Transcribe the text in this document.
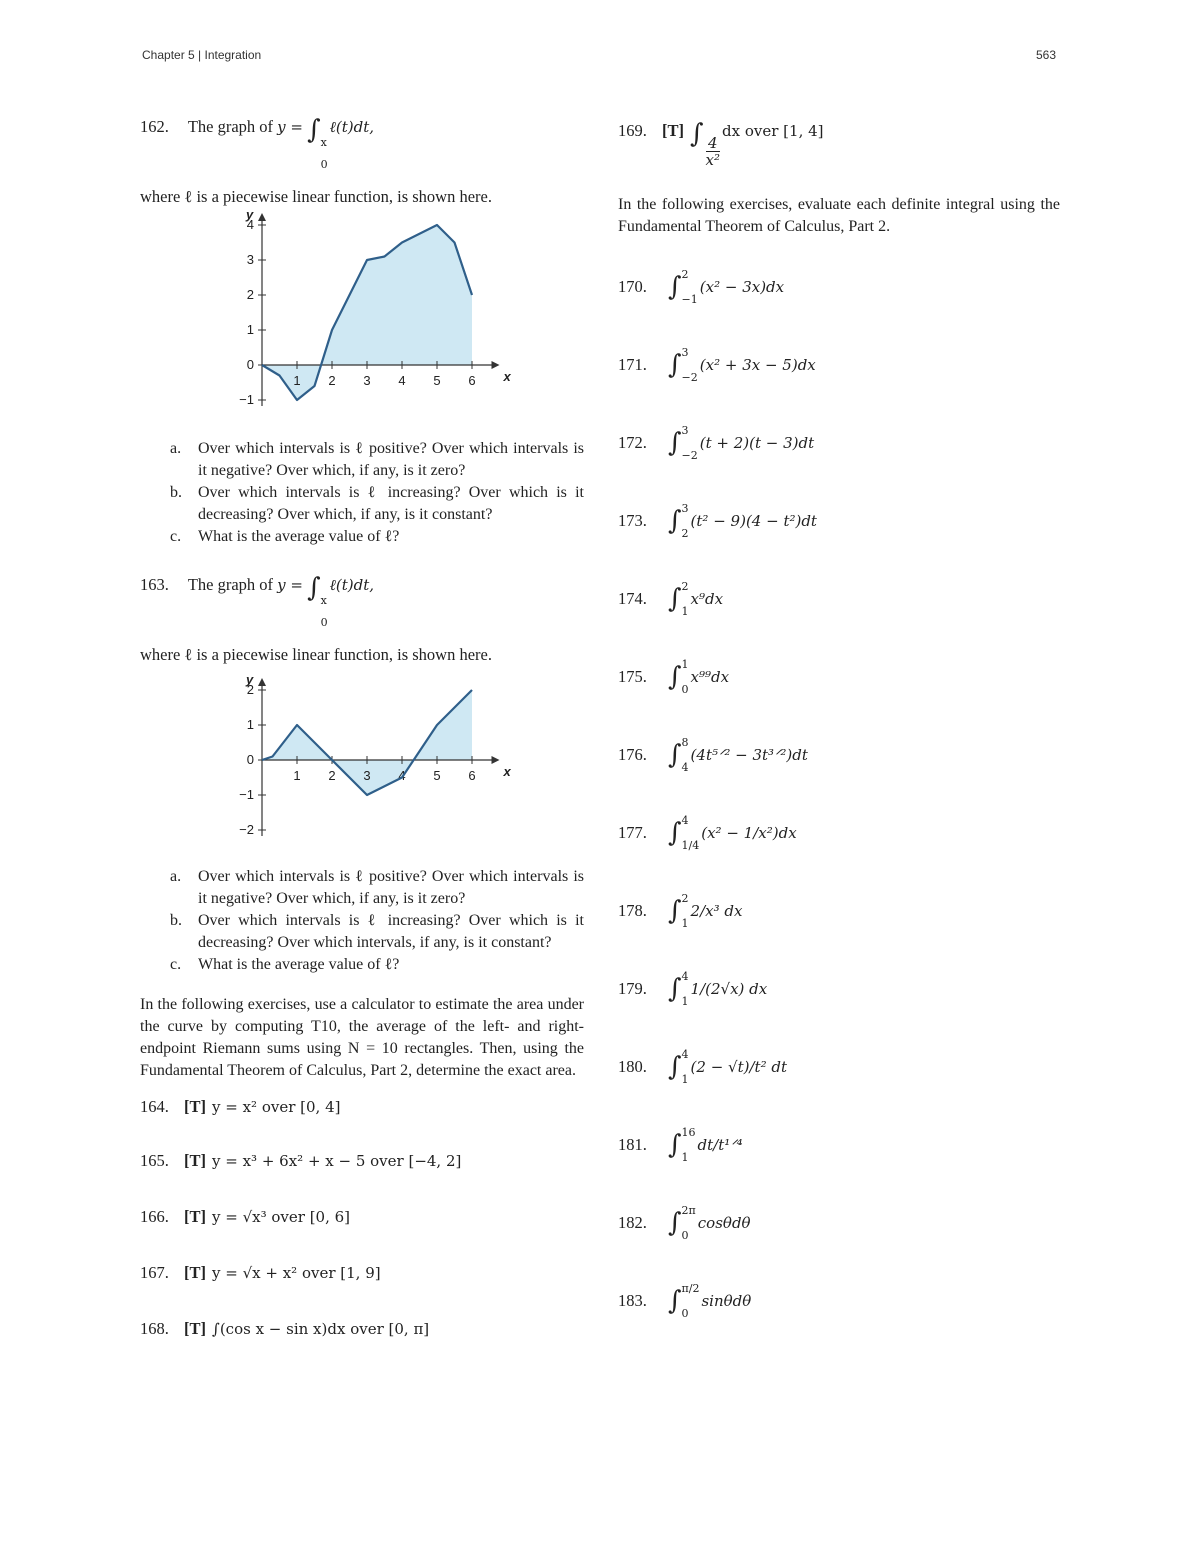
Chapter 5 | Integration	563
162. The graph of y = ∫ x
0
ℓ(t)dt,
where ℓ is a piecewise linear function, is shown here.
1 2 3 4 5 6
−1
0
1
2
3
4
x
y
a.	Over which intervals is ℓ positive? Over which intervals is it negative? Over which, if any, is it zero?
b.	Over which intervals is ℓ increasing? Over which is it decreasing? Over which, if any, is it constant?
c.	What is the average value of ℓ?
163. The graph of y = ∫ x
0
ℓ(t)dt,
where ℓ is a piecewise linear function, is shown here.
1 2 3 4 5 6
−2
−1
0
1
2
x
y
a.	Over which intervals is ℓ positive? Over which intervals is it negative? Over which, if any, is it zero?
b.	Over which intervals is ℓ increasing? Over which is it decreasing? Over which intervals, if any, is it constant?
c.	What is the average value of ℓ?

In the following exercises, use a calculator to estimate the area under the curve by computing T10, the average of the left- and right-endpoint Riemann sums using N = 10 rectangles. Then, using the Fundamental Theorem of Calculus, Part 2, determine the exact area.

164. [T] y = x² over [0, 4]
165. [T] y = x³ + 6x² + x − 5 over [−4, 2]
166. [T] y = √x³ over [0, 6]
167. [T] y = √x + x² over [1, 9]
168. [T] ∫(cos x − sin x)dx over [0, π]
169. [T] ∫
$\frac{4}{\text{x²}}$
dx over [1, 4]

In the following exercises, evaluate each definite integral using the Fundamental Theorem of Calculus, Part 2.

170. ∫ 2
−1
(x² − 3x)dx
171. ∫ 3
−2
(x² + 3x − 5)dx
172. ∫ 3
−2
(t + 2)(t − 3)dt
173. ∫ 3
2
(t² − 9)(4 − t²)dt
174. ∫ 2
1
x⁹dx
175. ∫ 1
0
x⁹⁹dx
176. ∫ 8
4
(4t⁵ᐟ² − 3t³ᐟ²)dt
177. ∫ 4
1/4
(x² − 1/x²)dx
178. ∫ 2
1
2/x³ dx
179. ∫ 4
1
1/(2√x) dx
180. ∫ 4
1
(2 − √t)/t² dt
181. ∫ 16
1
dt/t¹ᐟ⁴
182. ∫ 2π
0
cosθdθ
183. ∫ π/2
0
sinθdθ
